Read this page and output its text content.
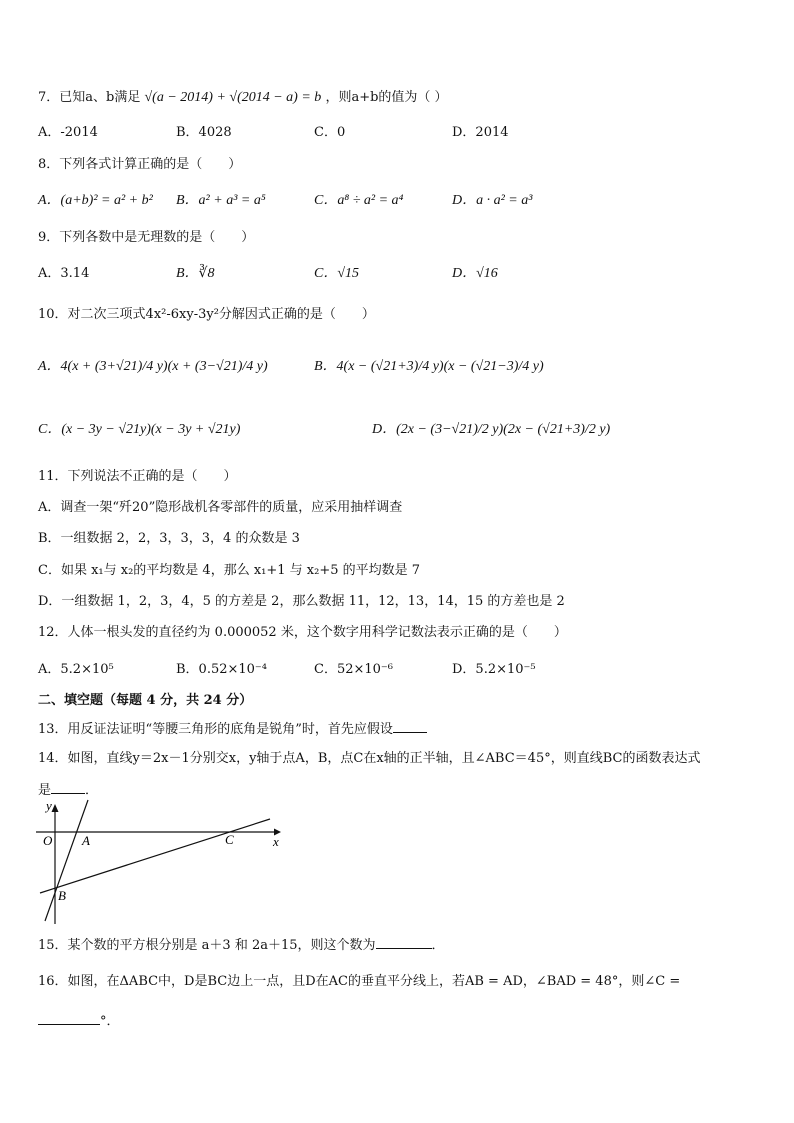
7．已知a、b满足 √(a − 2014) + √(2014 − a) = b ，则a+b的值为（ ）
A．-2014	B．4028	C．0	D．2014
8．下列各式计算正确的是（　　）
A．(a+b)² = a² + b² B．a² + a³ = a⁵	C．a⁸ ÷ a² = a⁴	D．a · a² = a³
9．下列各数中是无理数的是（　　）
A．3.14	B．∛8	C．√15	D．√16
10．对二次三项式4x²-6xy-3y²分解因式正确的是（　　）
A．4(x + (3+√21)/4 y)(x + (3−√21)/4 y)	B．4(x − (√21+3)/4 y)(x − (√21−3)/4 y)
C．(x − 3y − √21y)(x − 3y + √21y)	D．(2x − (3−√21)/2 y)(2x − (√21+3)/2 y)
11．下列说法不正确的是（　　）
A．调查一架“歼20”隐形战机各零部件的质量，应采用抽样调查
B．一组数据 2，2，3，3，3，4 的众数是 3
C．如果 x₁与 x₂的平均数是 4，那么 x₁+1 与 x₂+5 的平均数是 7
D．一组数据 1，2，3，4，5 的方差是 2，那么数据 11，12，13，14，15 的方差也是 2
12．人体一根头发的直径约为 0.000052 米，这个数字用科学记数法表示正确的是（　　）
A．5.2×10⁵	B．0.52×10⁻⁴	C．52×10⁻⁶	D．5.2×10⁻⁵
二、填空题（每题 4 分，共 24 分）
13．用反证法证明“等腰三角形的底角是锐角”时，首先应假设
14．如图，直线y＝2x－1分别交x，y轴于点A，B，点C在x轴的正半轴，且∠ABC＝45°，则直线BC的函数表达式
是	．
y
x
O A
B
C
15．某个数的平方根分别是 a＋3 和 2a＋15，则这个数为	．
16．如图，在ΔABC中，D是BC边上一点，且D在AC的垂直平分线上，若AB = AD，∠BAD = 48°，则∠C =
°．
